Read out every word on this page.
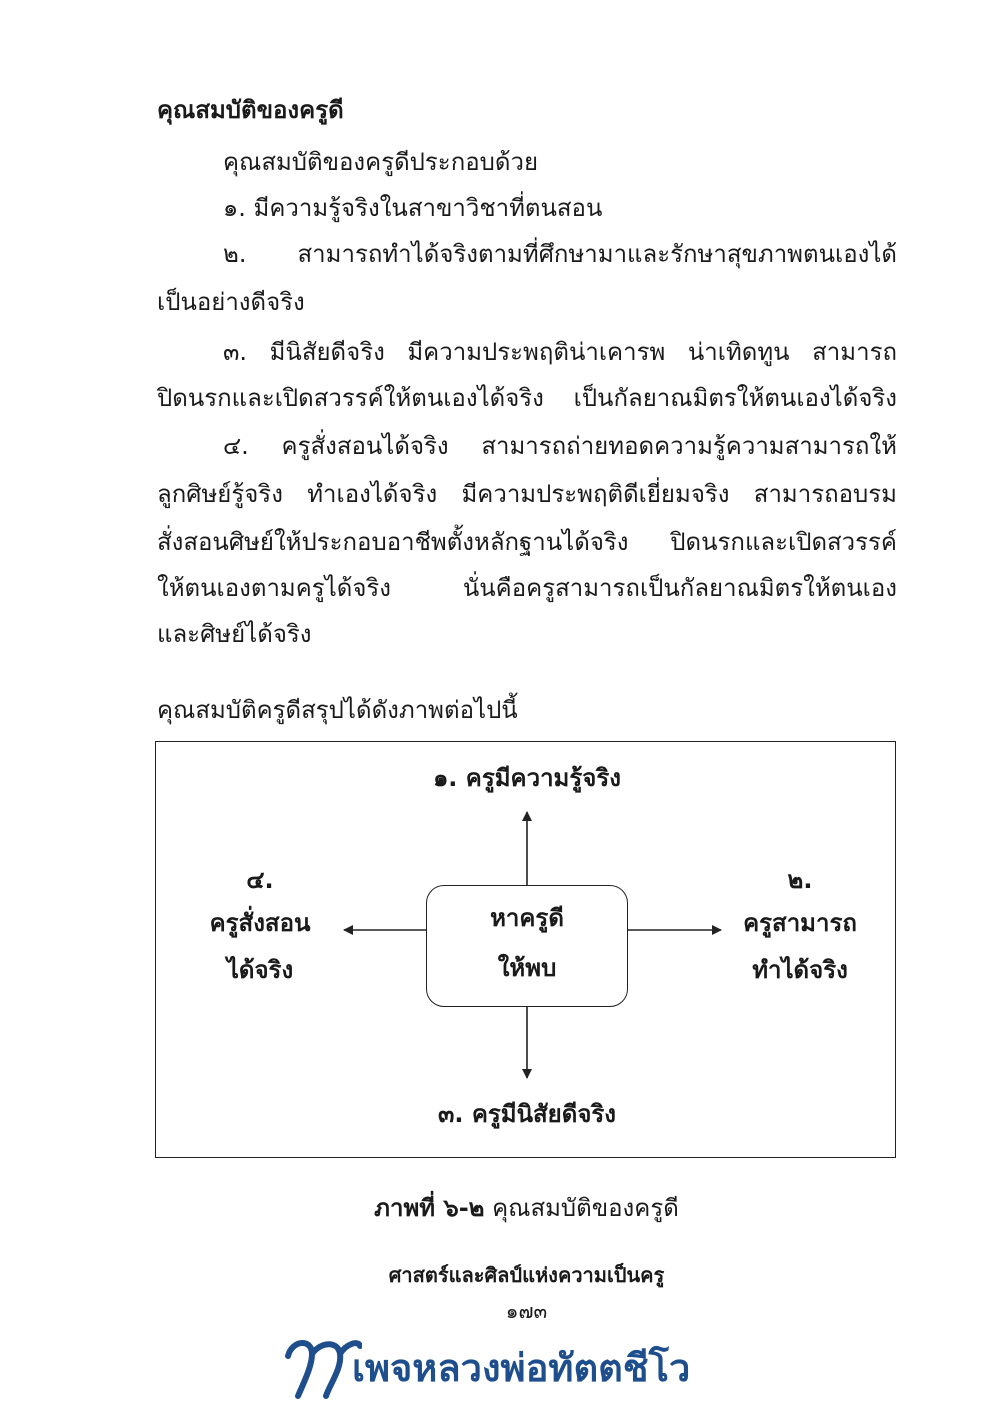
คุณสมบัติของครูดี
คุณสมบัติของครูดีประกอบด้วย
๑. มีความรู้จริงในสาขาวิชาที่ตนสอน
๒. สามารถทำได้จริงตามที่ศึกษามาและรักษาสุขภาพตนเองได้
เป็นอย่างดีจริง
๓. มีนิสัยดีจริง มีความประพฤติน่าเคารพ น่าเทิดทูน สามารถ
ปิดนรกและเปิดสวรรค์ให้ตนเองได้จริง เป็นกัลยาณมิตรให้ตนเองได้จริง
๔. ครูสั่งสอนได้จริง สามารถถ่ายทอดความรู้ความสามารถให้
ลูกศิษย์รู้จริง ทำเองได้จริง มีความประพฤติดีเยี่ยมจริง สามารถอบรม
สั่งสอนศิษย์ให้ประกอบอาชีพตั้งหลักฐานได้จริง ปิดนรกและเปิดสวรรค์
ให้ตนเองตามครูได้จริง นั่นคือครูสามารถเป็นกัลยาณมิตรให้ตนเอง
และศิษย์ได้จริง
คุณสมบัติครูดีสรุปได้ดังภาพต่อไปนี้
หาครูดี
ให้พบ
๑. ครูมีความรู้จริง
๓. ครูมีนิสัยดีจริง
๔.
ครูสั่งสอน
ได้จริง
๒.
ครูสามารถ
ทำได้จริง
ภาพที่ ๖-๒ คุณสมบัติของครูดี
ศาสตร์และศิลป์แห่งความเป็นครู
๑๗๓
เพจหลวงพ่อทัตตชีโว
